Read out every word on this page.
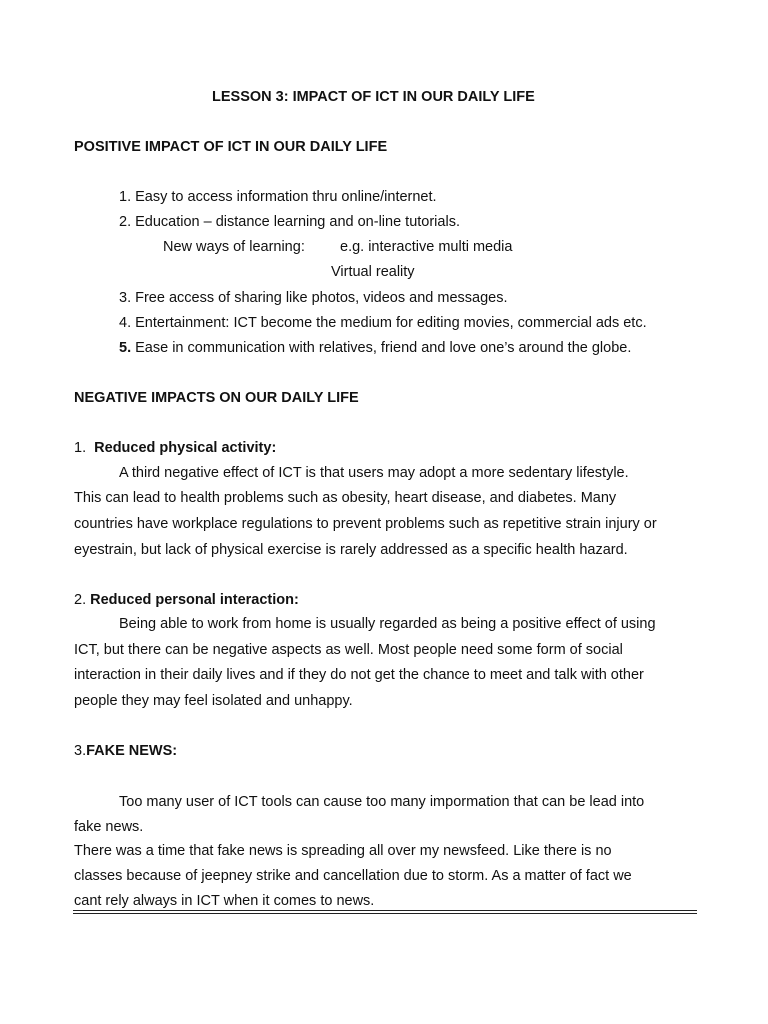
LESSON 3: IMPACT OF ICT IN OUR DAILY LIFE
POSITIVE IMPACT OF ICT IN OUR DAILY LIFE
1. Easy to access information thru online/internet.
2. Education – distance learning and on-line tutorials.
New ways of learning: e.g. interactive multi media
Virtual reality
3. Free access of sharing like photos, videos and messages.
4. Entertainment: ICT become the medium for editing movies, commercial ads etc.
5. Ease in communication with relatives, friend and love one’s around the globe.
NEGATIVE IMPACTS ON OUR DAILY LIFE
1.  Reduced physical activity:
A third negative effect of ICT is that users may adopt a more sedentary lifestyle.
This can lead to health problems such as obesity, heart disease, and diabetes. Many
countries have workplace regulations to prevent problems such as repetitive strain injury or
eyestrain, but lack of physical exercise is rarely addressed as a specific health hazard.
2. Reduced personal interaction:
Being able to work from home is usually regarded as being a positive effect of using
ICT, but there can be negative aspects as well. Most people need some form of social
interaction in their daily lives and if they do not get the chance to meet and talk with other
people they may feel isolated and unhappy.
3.FAKE NEWS:
Too many user of ICT tools can cause too many impormation that can be lead into
fake news.
There was a time that fake news is spreading all over my newsfeed. Like there is no
classes because of jeepney strike and cancellation due to storm. As a matter of fact we
cant rely always in ICT when it comes to news.
